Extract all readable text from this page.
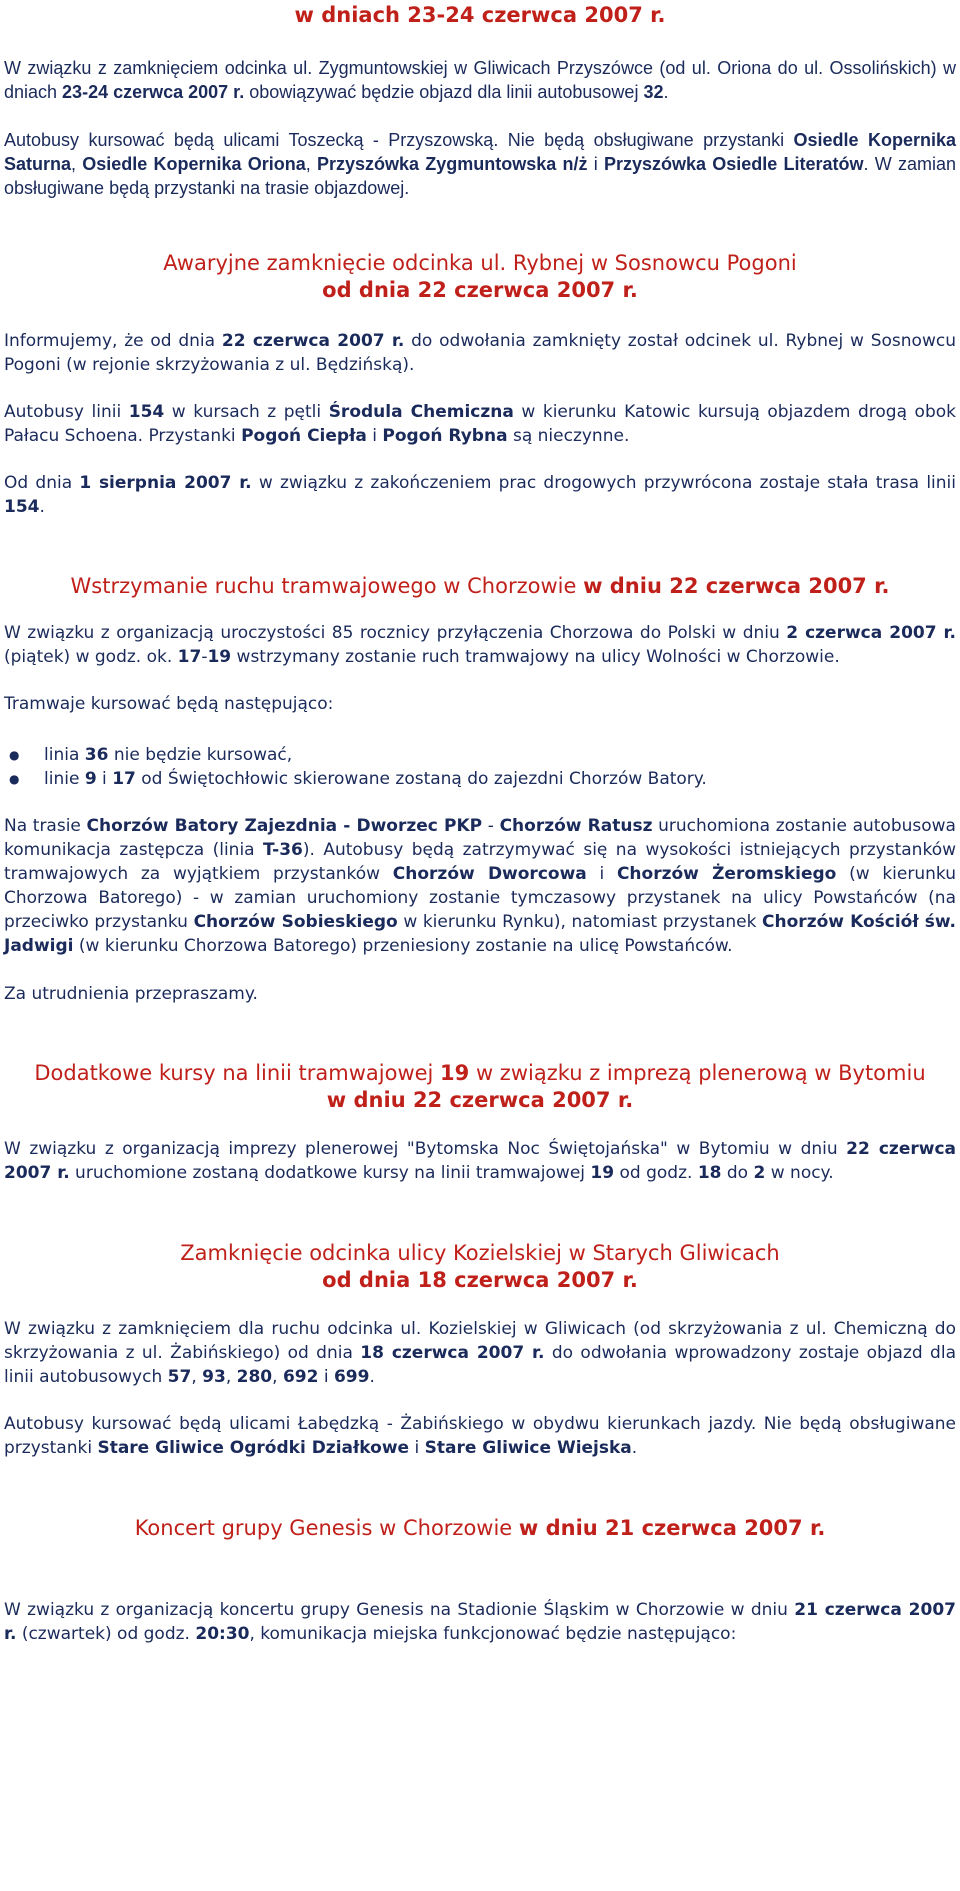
w dniach 23-24 czerwca 2007 r.

W związku z zamknięciem odcinka ul. Zygmuntowskiej w Gliwicach Przyszówce (od ul. Oriona do ul. Ossolińskich) w dniach 23-24 czerwca 2007 r. obowiązywać będzie objazd dla linii autobusowej 32.

Autobusy kursować będą ulicami Toszecką - Przyszowską. Nie będą obsługiwane przystanki Osiedle Kopernika Saturna, Osiedle Kopernika Oriona, Przyszówka Zygmuntowska n/ż i Przyszówka Osiedle Literatów. W zamian obsługiwane będą przystanki na trasie objazdowej.

Awaryjne zamknięcie odcinka ul. Rybnej w Sosnowcu Pogoni
od dnia 22 czerwca 2007 r.

Informujemy, że od dnia 22 czerwca 2007 r. do odwołania zamknięty został odcinek ul. Rybnej w Sosnowcu Pogoni (w rejonie skrzyżowania z ul. Będzińską).

Autobusy linii 154 w kursach z pętli Środula Chemiczna w kierunku Katowic kursują objazdem drogą obok Pałacu Schoena. Przystanki Pogoń Ciepła i Pogoń Rybna są nieczynne.

Od dnia 1 sierpnia 2007 r. w związku z zakończeniem prac drogowych przywrócona zostaje stała trasa linii 154.

Wstrzymanie ruchu tramwajowego w Chorzowie w dniu 22 czerwca 2007 r.

W związku z organizacją uroczystości 85 rocznicy przyłączenia Chorzowa do Polski w dniu 2 czerwca 2007 r. (piątek) w godz. ok. 17-19 wstrzymany zostanie ruch tramwajowy na ulicy Wolności w Chorzowie.

Tramwaje kursować będą następująco:

● linia 36 nie będzie kursować,
● linie 9 i 17 od Świętochłowic skierowane zostaną do zajezdni Chorzów Batory.

Na trasie Chorzów Batory Zajezdnia - Dworzec PKP - Chorzów Ratusz uruchomiona zostanie autobusowa komunikacja zastępcza (linia T-36). Autobusy będą zatrzymywać się na wysokości istniejących przystanków tramwajowych za wyjątkiem przystanków Chorzów Dworcowa i Chorzów Żeromskiego (w kierunku Chorzowa Batorego) - w zamian uruchomiony zostanie tymczasowy przystanek na ulicy Powstańców (na przeciwko przystanku Chorzów Sobieskiego w kierunku Rynku), natomiast przystanek Chorzów Kościół św. Jadwigi (w kierunku Chorzowa Batorego) przeniesiony zostanie na ulicę Powstańców.

Za utrudnienia przepraszamy.

Dodatkowe kursy na linii tramwajowej 19 w związku z imprezą plenerową w Bytomiu
w dniu 22 czerwca 2007 r.

W związku z organizacją imprezy plenerowej "Bytomska Noc Świętojańska" w Bytomiu w dniu 22 czerwca 2007 r. uruchomione zostaną dodatkowe kursy na linii tramwajowej 19 od godz. 18 do 2 w nocy.

Zamknięcie odcinka ulicy Kozielskiej w Starych Gliwicach
od dnia 18 czerwca 2007 r.

W związku z zamknięciem dla ruchu odcinka ul. Kozielskiej w Gliwicach (od skrzyżowania z ul. Chemiczną do skrzyżowania z ul. Żabińskiego) od dnia 18 czerwca 2007 r. do odwołania wprowadzony zostaje objazd dla linii autobusowych 57, 93, 280, 692 i 699.

Autobusy kursować będą ulicami Łabędzką - Żabińskiego w obydwu kierunkach jazdy. Nie będą obsługiwane przystanki Stare Gliwice Ogródki Działkowe i Stare Gliwice Wiejska.

Koncert grupy Genesis w Chorzowie w dniu 21 czerwca 2007 r.

W związku z organizacją koncertu grupy Genesis na Stadionie Śląskim w Chorzowie w dniu 21 czerwca 2007 r. (czwartek) od godz. 20:30, komunikacja miejska funkcjonować będzie następująco:
